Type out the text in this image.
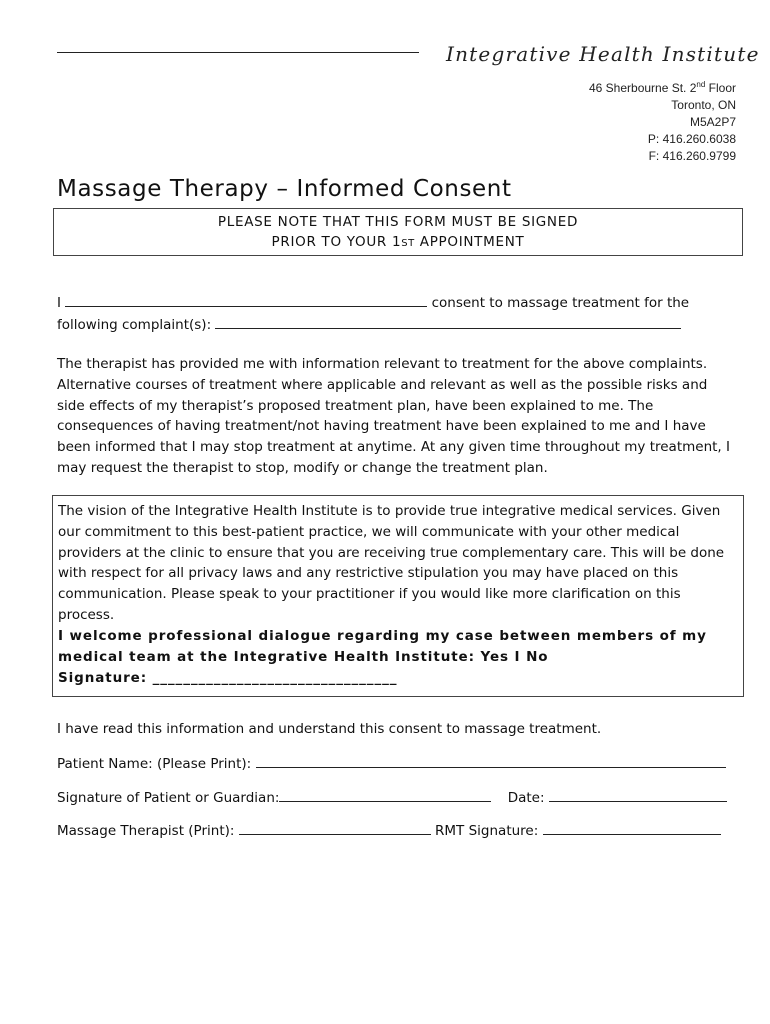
Integrative Health Institute
46 Sherbourne St. 2nd Floor
Toronto, ON
M5A2P7
P: 416.260.6038
F: 416.260.9799
Massage Therapy – Informed Consent
PLEASE NOTE THAT THIS FORM MUST BE SIGNED
PRIOR TO YOUR 1ST APPOINTMENT
I	consent to massage treatment for the
following complaint(s):

The therapist has provided me with information relevant to treatment for the above complaints. Alternative courses of treatment where applicable and relevant as well as the possible risks and side effects of my therapist’s proposed treatment plan, have been explained to me. The consequences of having treatment/not having treatment have been explained to me and I have been informed that I may stop treatment at anytime. At any given time throughout my treatment, I may request the therapist to stop, modify or change the treatment plan.

The vision of the Integrative Health Institute is to provide true integrative medical services. Given our commitment to this best-patient practice, we will communicate with your other medical providers at the clinic to ensure that you are receiving true complementary care. This will be done with respect for all privacy laws and any restrictive stipulation you may have placed on this communication. Please speak to your practitioner if you would like more clarification on this process.

I welcome professional dialogue regarding my case between members of my medical team at the Integrative Health Institute: Yes I No

Signature: ________________________________

I have read this information and understand this consent to massage treatment.
Patient Name: (Please Print):
Signature of Patient or Guardian:	Date:
Massage Therapist (Print):	RMT Signature:
